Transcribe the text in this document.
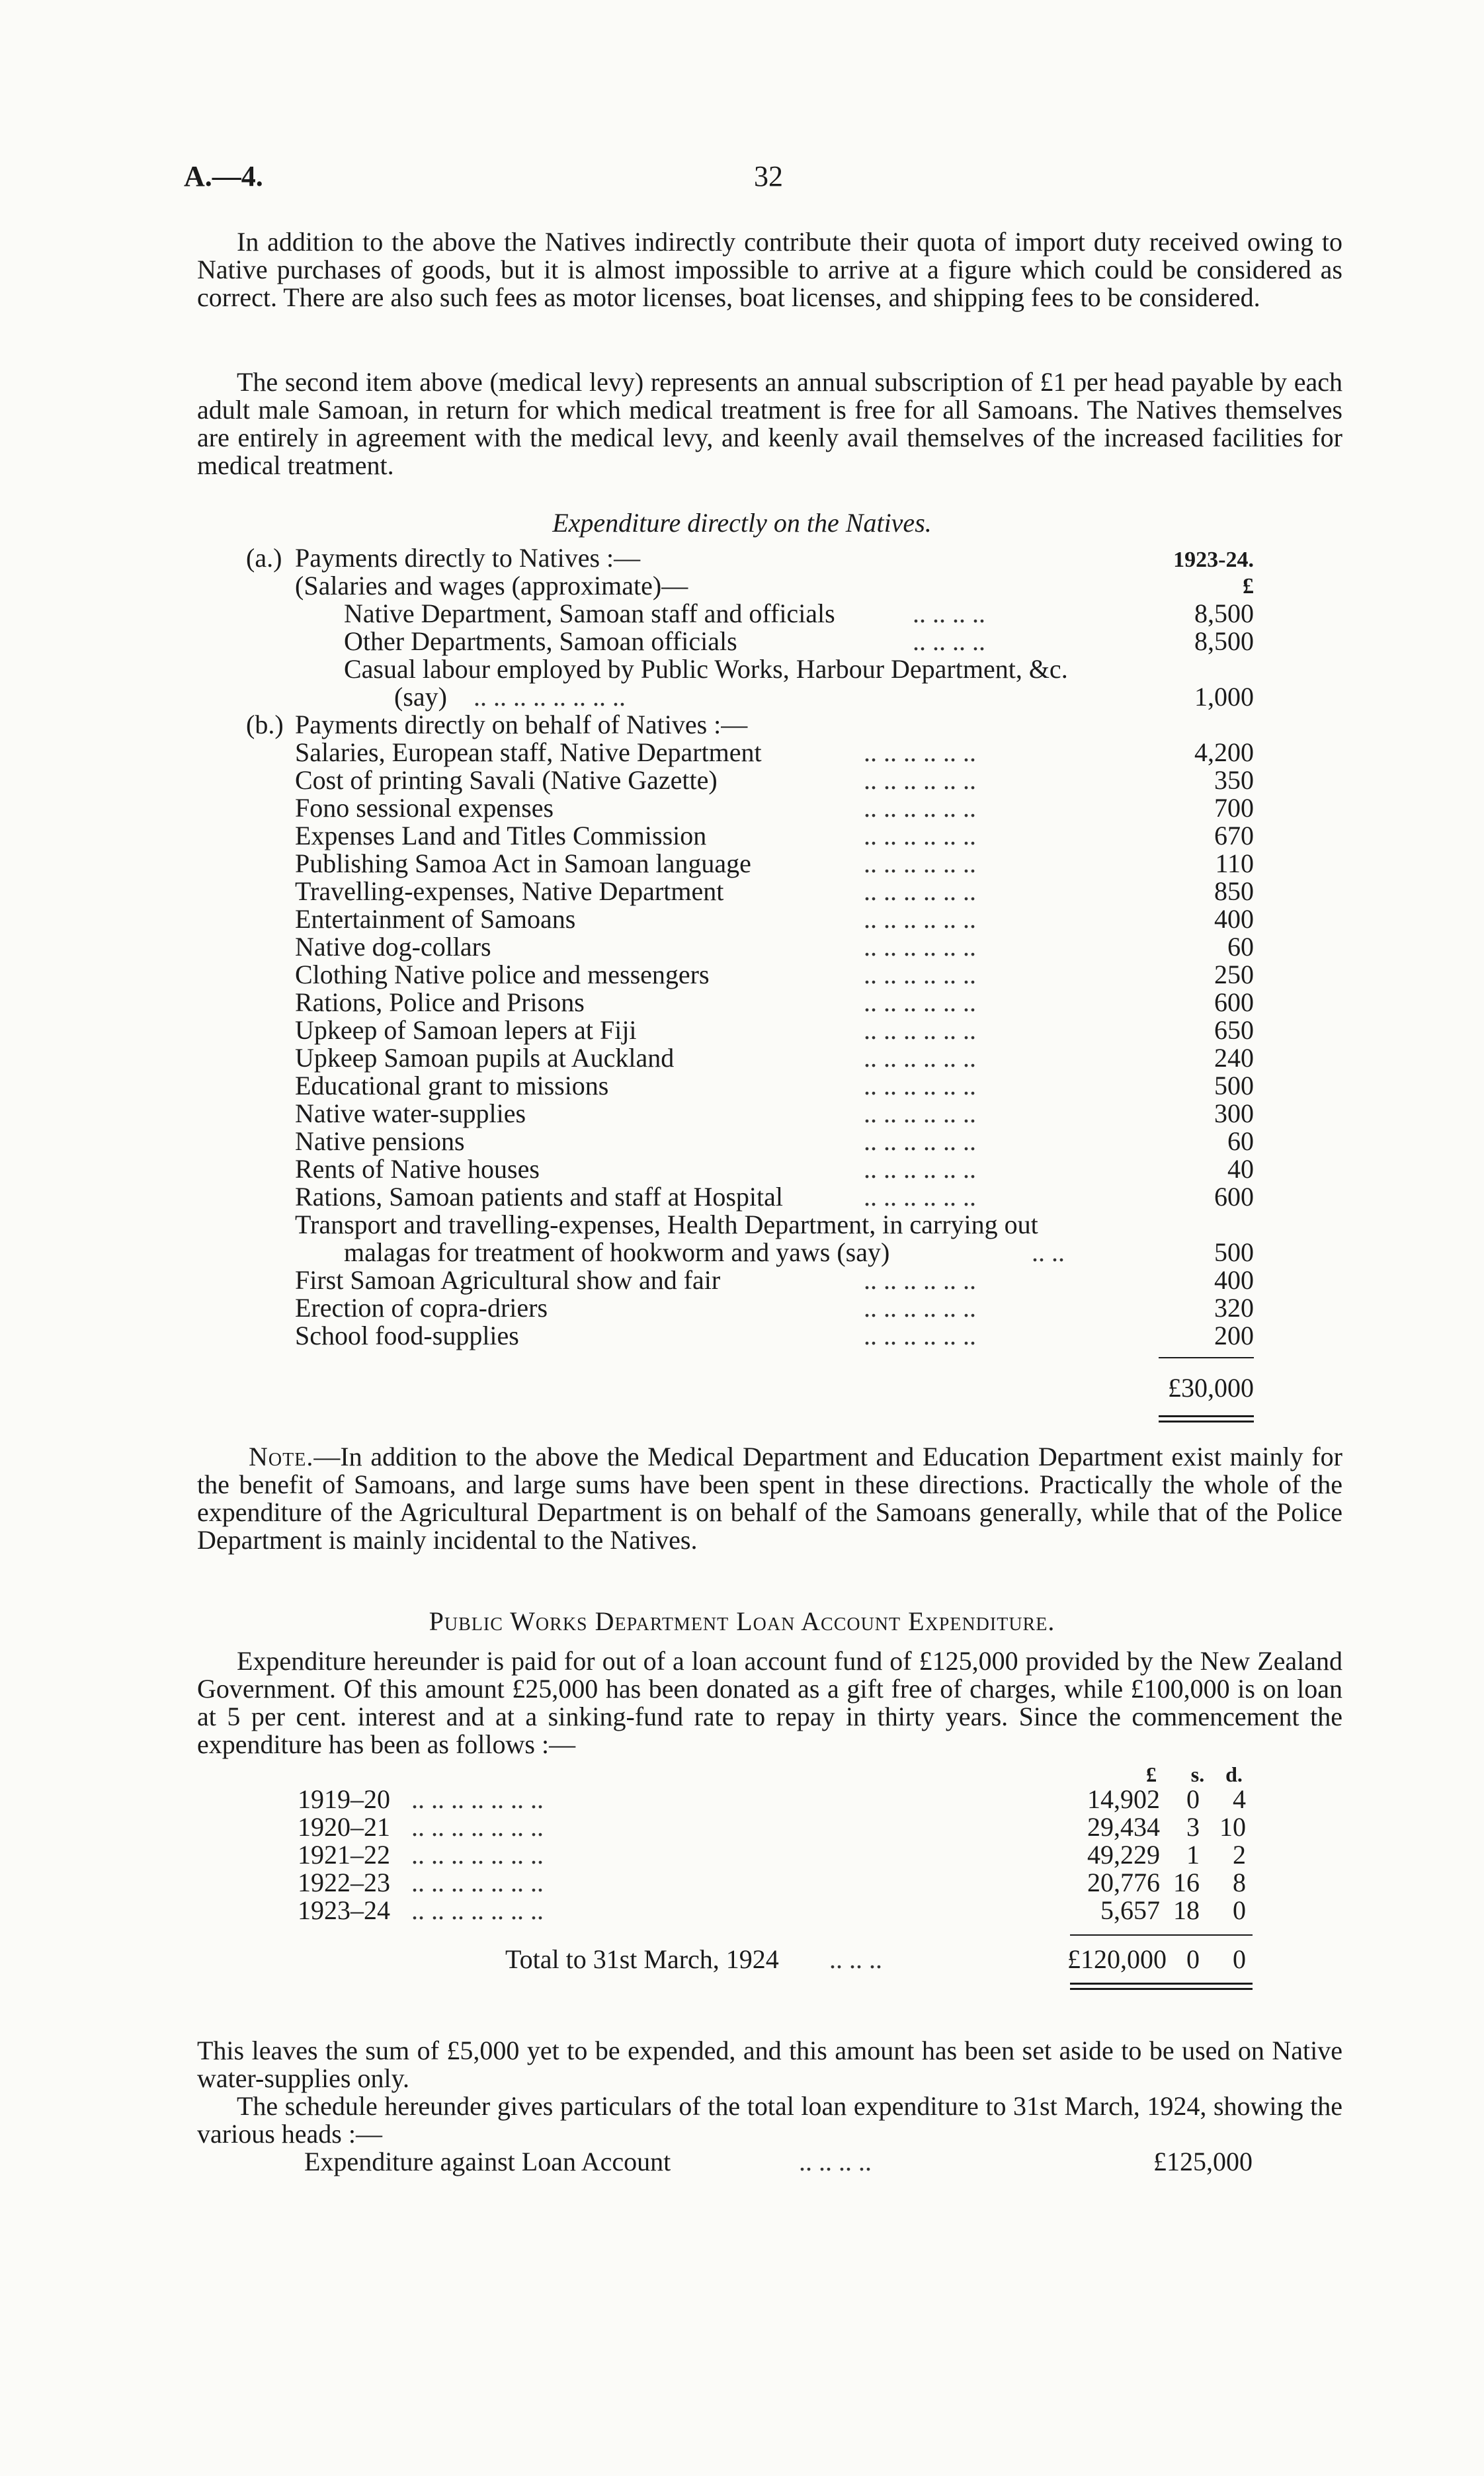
A.—4.	32
In addition to the above the Natives indirectly contribute their quota of import duty received owing to Native purchases of goods, but it is almost impossible to arrive at a figure which could be considered as correct. There are also such fees as motor licenses, boat licenses, and shipping fees to be considered.
The second item above (medical levy) represents an annual subscription of £1 per head payable by each adult male Samoan, in return for which medical treatment is free for all Samoans. The Natives themselves are entirely in agreement with the medical levy, and keenly avail themselves of the increased facilities for medical treatment.
Expenditure directly on the Natives.
(a.) Payments directly to Natives :—	1923-24.
(Salaries and wages (approximate)—	£
Native Department, Samoan staff and officials	.. .. .. ..	8,500
Other Departments, Samoan officials	.. .. .. ..	8,500
Casual labour employed by Public Works, Harbour Department, &c.
(say) .. .. .. .. .. .. .. ..	1,000
(b.) Payments directly on behalf of Natives :—
Salaries, European staff, Native Department	.. .. .. .. .. ..	4,200
Cost of printing Savali (Native Gazette)	.. .. .. .. .. ..	350
Fono sessional expenses	.. .. .. .. .. ..	700
Expenses Land and Titles Commission	.. .. .. .. .. ..	670
Publishing Samoa Act in Samoan language	.. .. .. .. .. ..	110
Travelling-expenses, Native Department	.. .. .. .. .. ..	850
Entertainment of Samoans	.. .. .. .. .. ..	400
Native dog-collars	.. .. .. .. .. ..	60
Clothing Native police and messengers	.. .. .. .. .. ..	250
Rations, Police and Prisons	.. .. .. .. .. ..	600
Upkeep of Samoan lepers at Fiji	.. .. .. .. .. ..	650
Upkeep Samoan pupils at Auckland	.. .. .. .. .. ..	240
Educational grant to missions	.. .. .. .. .. ..	500
Native water-supplies	.. .. .. .. .. ..	300
Native pensions	.. .. .. .. .. ..	60
Rents of Native houses	.. .. .. .. .. ..	40
Rations, Samoan patients and staff at Hospital	.. .. .. .. .. ..	600
Transport and travelling-expenses, Health Department, in carrying out
malagas for treatment of hookworm and yaws (say)	.. ..	500
First Samoan Agricultural show and fair	.. .. .. .. .. ..	400
Erection of copra-driers	.. .. .. .. .. ..	320
School food-supplies	.. .. .. .. .. ..	200
£30,000
Note.—In addition to the above the Medical Department and Education Department exist mainly for the benefit of Samoans, and large sums have been spent in these directions. Practically the whole of the expenditure of the Agricultural Department is on behalf of the Samoans generally, while that of the Police Department is mainly incidental to the Natives.
Public Works Department Loan Account Expenditure.
Expenditure hereunder is paid for out of a loan account fund of £125,000 provided by the New Zealand Government. Of this amount £25,000 has been donated as a gift free of charges, while £100,000 is on loan at 5 per cent. interest and at a sinking-fund rate to repay in thirty years. Since the commencement the expenditure has been as follows :—
£ s. d.
1919–20 .. .. .. .. .. .. ..	14,902	0	4
1920–21 .. .. .. .. .. .. ..	29,434	3 10
1921–22 .. .. .. .. .. .. ..	49,229	1	2
1922–23 .. .. .. .. .. .. ..	20,776 16	8
1923–24 .. .. .. .. .. .. ..	5,657 18	0
Total to 31st March, 1924 .. .. ..	£120,000 0	0
This leaves the sum of £5,000 yet to be expended, and this amount has been set aside to be used on Native water-supplies only.
The schedule hereunder gives particulars of the total loan expenditure to 31st March, 1924, showing the various heads :—
Expenditure against Loan Account	.. .. .. ..	£125,000
